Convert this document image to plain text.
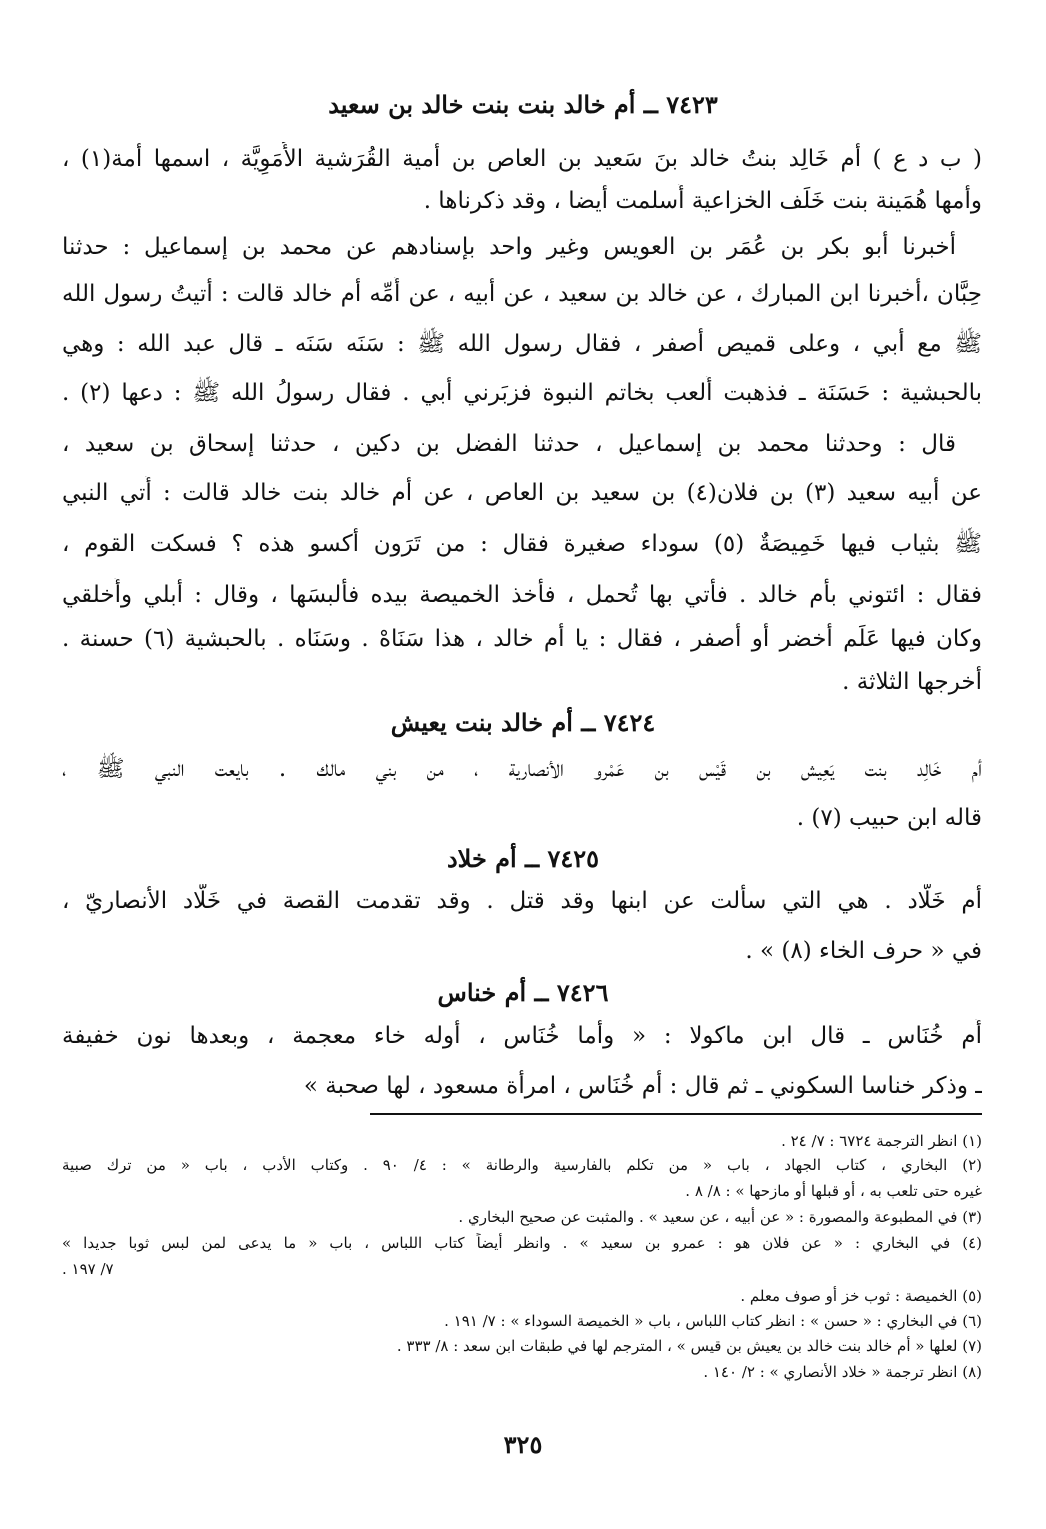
٧٤٢٣ ــ أم خالد بنت بنت خالد بن سعيد
( ب د ع ) أم خَالِد بنتُ خالد بنَ سَعيد بن العاص بن أمية القُرَشية الأُمَوِيَّة ، اسمها أمة(١) ،
وأمها هُمَينة بنت خَلَف الخزاعية أَسلمت أيضا ، وقد ذكرناها .
أخبرنا أبو بكر بن عُمَر بن العويس وغير واحد بإسنادهم عن محمد بن إسماعيل : حدثنا
حِبَّان ،أخبرنا ابن المبارك ، عن خالد بن سعيد ، عن أبيه ، عن أُمِّه أم خالد قالت : أتيتُ رسول الله
ﷺ مع أبي ، وعلى قميص أصفر ، فقال رسول الله ﷺ : سَنَه سَنَه ـ قال عبد الله : وهي
بالحبشية : حَسَنَة ـ فذهبت أَلعب بخاتم النبوة فزبَرني أبي . فقال رسولُ الله ﷺ : دعها (٢) .
قال : وحدثنا محمد بن إسماعيل ، حدثنا الفضل بن دكين ، حدثنا إسحاق بن سعيد ،
عن أبيه سعيد (٣) بن فلان(٤) بن سعيد بن العاص ، عن أم خالد بنت خالد قالت : أُتي النبي
ﷺ بثياب فيها خَمِيصَةٌ (٥) سوداء صغيرة فقال : من تَرَون أكسو هذه ؟ فسكت القوم ،
فقال : ائتوني بأُم خالد . فأُتي بها تُحمل ، فأخذ الخميصة بيده فأَلبسَها ، وقال : أبلي وأَخلقي
وكان فيها عَلَم أخضر أو أصفر ، فقال : يا أم خالد ، هذا سَنَاهْ . وسَنَاه . بالحبشية (٦) حسنة .
أخرجها الثلاثة .
٧٤٢٤ ــ أم خالد بنت يعيش
أم خَالِد بنت يَعِيش بن قَيْس بن عَمْرو الأنصارية ، من بني مالك . بايعت النبي ﷺ ،
قاله ابن حبيب (٧) .
٧٤٢٥ ــ أم خلاد
أم خَلَّاد . هي التي سأَلت عن ابنها وقد قتل . وقد تقدمت القصة في خَلَّاد الأنصاريّ ،
في « حرف الخاء (٨) » .
٧٤٢٦ ــ أم خناس
أُم خُنَاس ـ قال ابن ماكولا : « وأما خُنَاس ، أوله خاء معجمة ، وبعدها نون خفيفة
ـ وذكر خناسا السكوني ـ ثم قال : أم خُنَاس ، امرأة مسعود ، لها صحبة »
(١) انظر الترجمة ٦٧٢٤ : ٧/ ٢٤ .
(٢) البخاري ، كتاب الجهاد ، باب « من تكلم بالفارسية والرطانة » : ٤/ ٩٠ . وكتاب الأدب ، باب « من ترك صبية
غيره حتى تلعب به ، أو قبلها أو مازحها » : ٨/ ٨ .
(٣) في المطبوعة والمصورة : « عن أبيه ، عن سعيد » . والمثبت عن صحيح البخاري .
(٤) في البخاري : « عن فلان هو : عمرو بن سعيد » . وانظر أيضاً كتاب اللباس ، باب « ما يدعى لمن لبس ثوبا جديدا »
٧/ ١٩٧ .
(٥) الخميصة : ثوب خز أو صوف معلم .
(٦) في البخاري : « حسن » : انظر كتاب اللباس ، باب « الخميصة السوداء » : ٧/ ١٩١ .
(٧) لعلها « أم خالد بنت خالد بن يعيش بن قيس » ، المترجم لها في طبقات ابن سعد : ٨/ ٣٣٣ .
(٨) انظر ترجمة « خلاد الأنصاري » : ٢/ ١٤٠ .
٣٢٥
